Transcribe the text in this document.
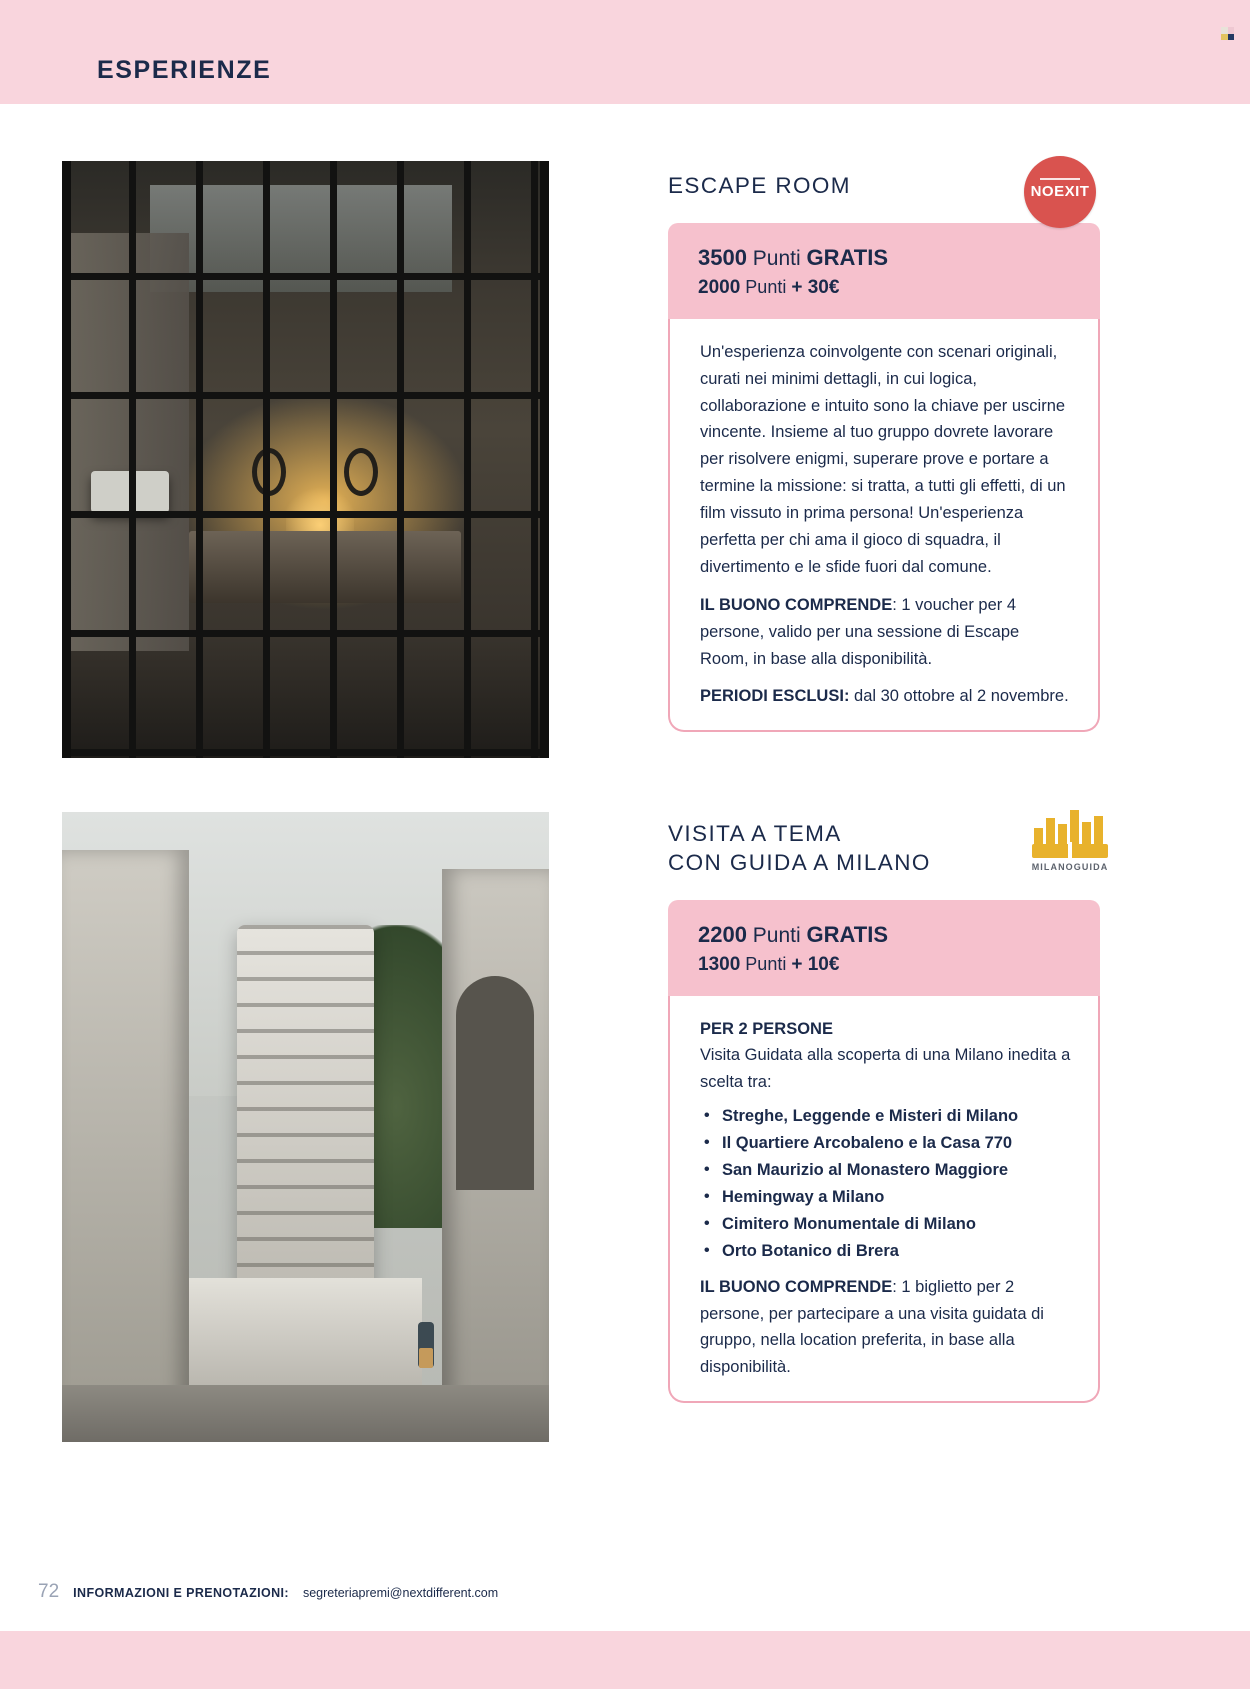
ESPERIENZE
NOEXIT
ESCAPE ROOM
3500 Punti GRATIS
2000 Punti + 30€

Un'esperienza coinvolgente con scenari originali, curati nei minimi dettagli, in cui logica, collaborazione e intuito sono la chiave per uscirne vincente. Insieme al tuo gruppo dovrete lavorare per risolvere enigmi, superare prove e portare a termine la missione: si tratta, a tutti gli effetti, di un film vissuto in prima persona! Un'esperienza perfetta per chi ama il gioco di squadra, il divertimento e le sfide fuori dal comune.

IL BUONO COMPRENDE: 1 voucher per 4 persone, valido per una sessione di Escape Room, in base alla disponibilità.

PERIODI ESCLUSI: dal 30 ottobre al 2 novembre.

MILANOGUIDA
VISITA A TEMA
CON GUIDA A MILANO
2200 Punti GRATIS
1300 Punti + 10€

PER 2 PERSONE

Visita Guidata alla scoperta di una Milano inedita a scelta tra:

• Streghe, Leggende e Misteri di Milano
• Il Quartiere Arcobaleno e la Casa 770
• San Maurizio al Monastero Maggiore
• Hemingway a Milano
• Cimitero Monumentale di Milano
• Orto Botanico di Brera

IL BUONO COMPRENDE: 1 biglietto per 2 persone, per partecipare a una visita guidata di gruppo, nella location preferita, in base alla disponibilità.

72 INFORMAZIONI E PRENOTAZIONI: segreteriapremi@nextdifferent.com
